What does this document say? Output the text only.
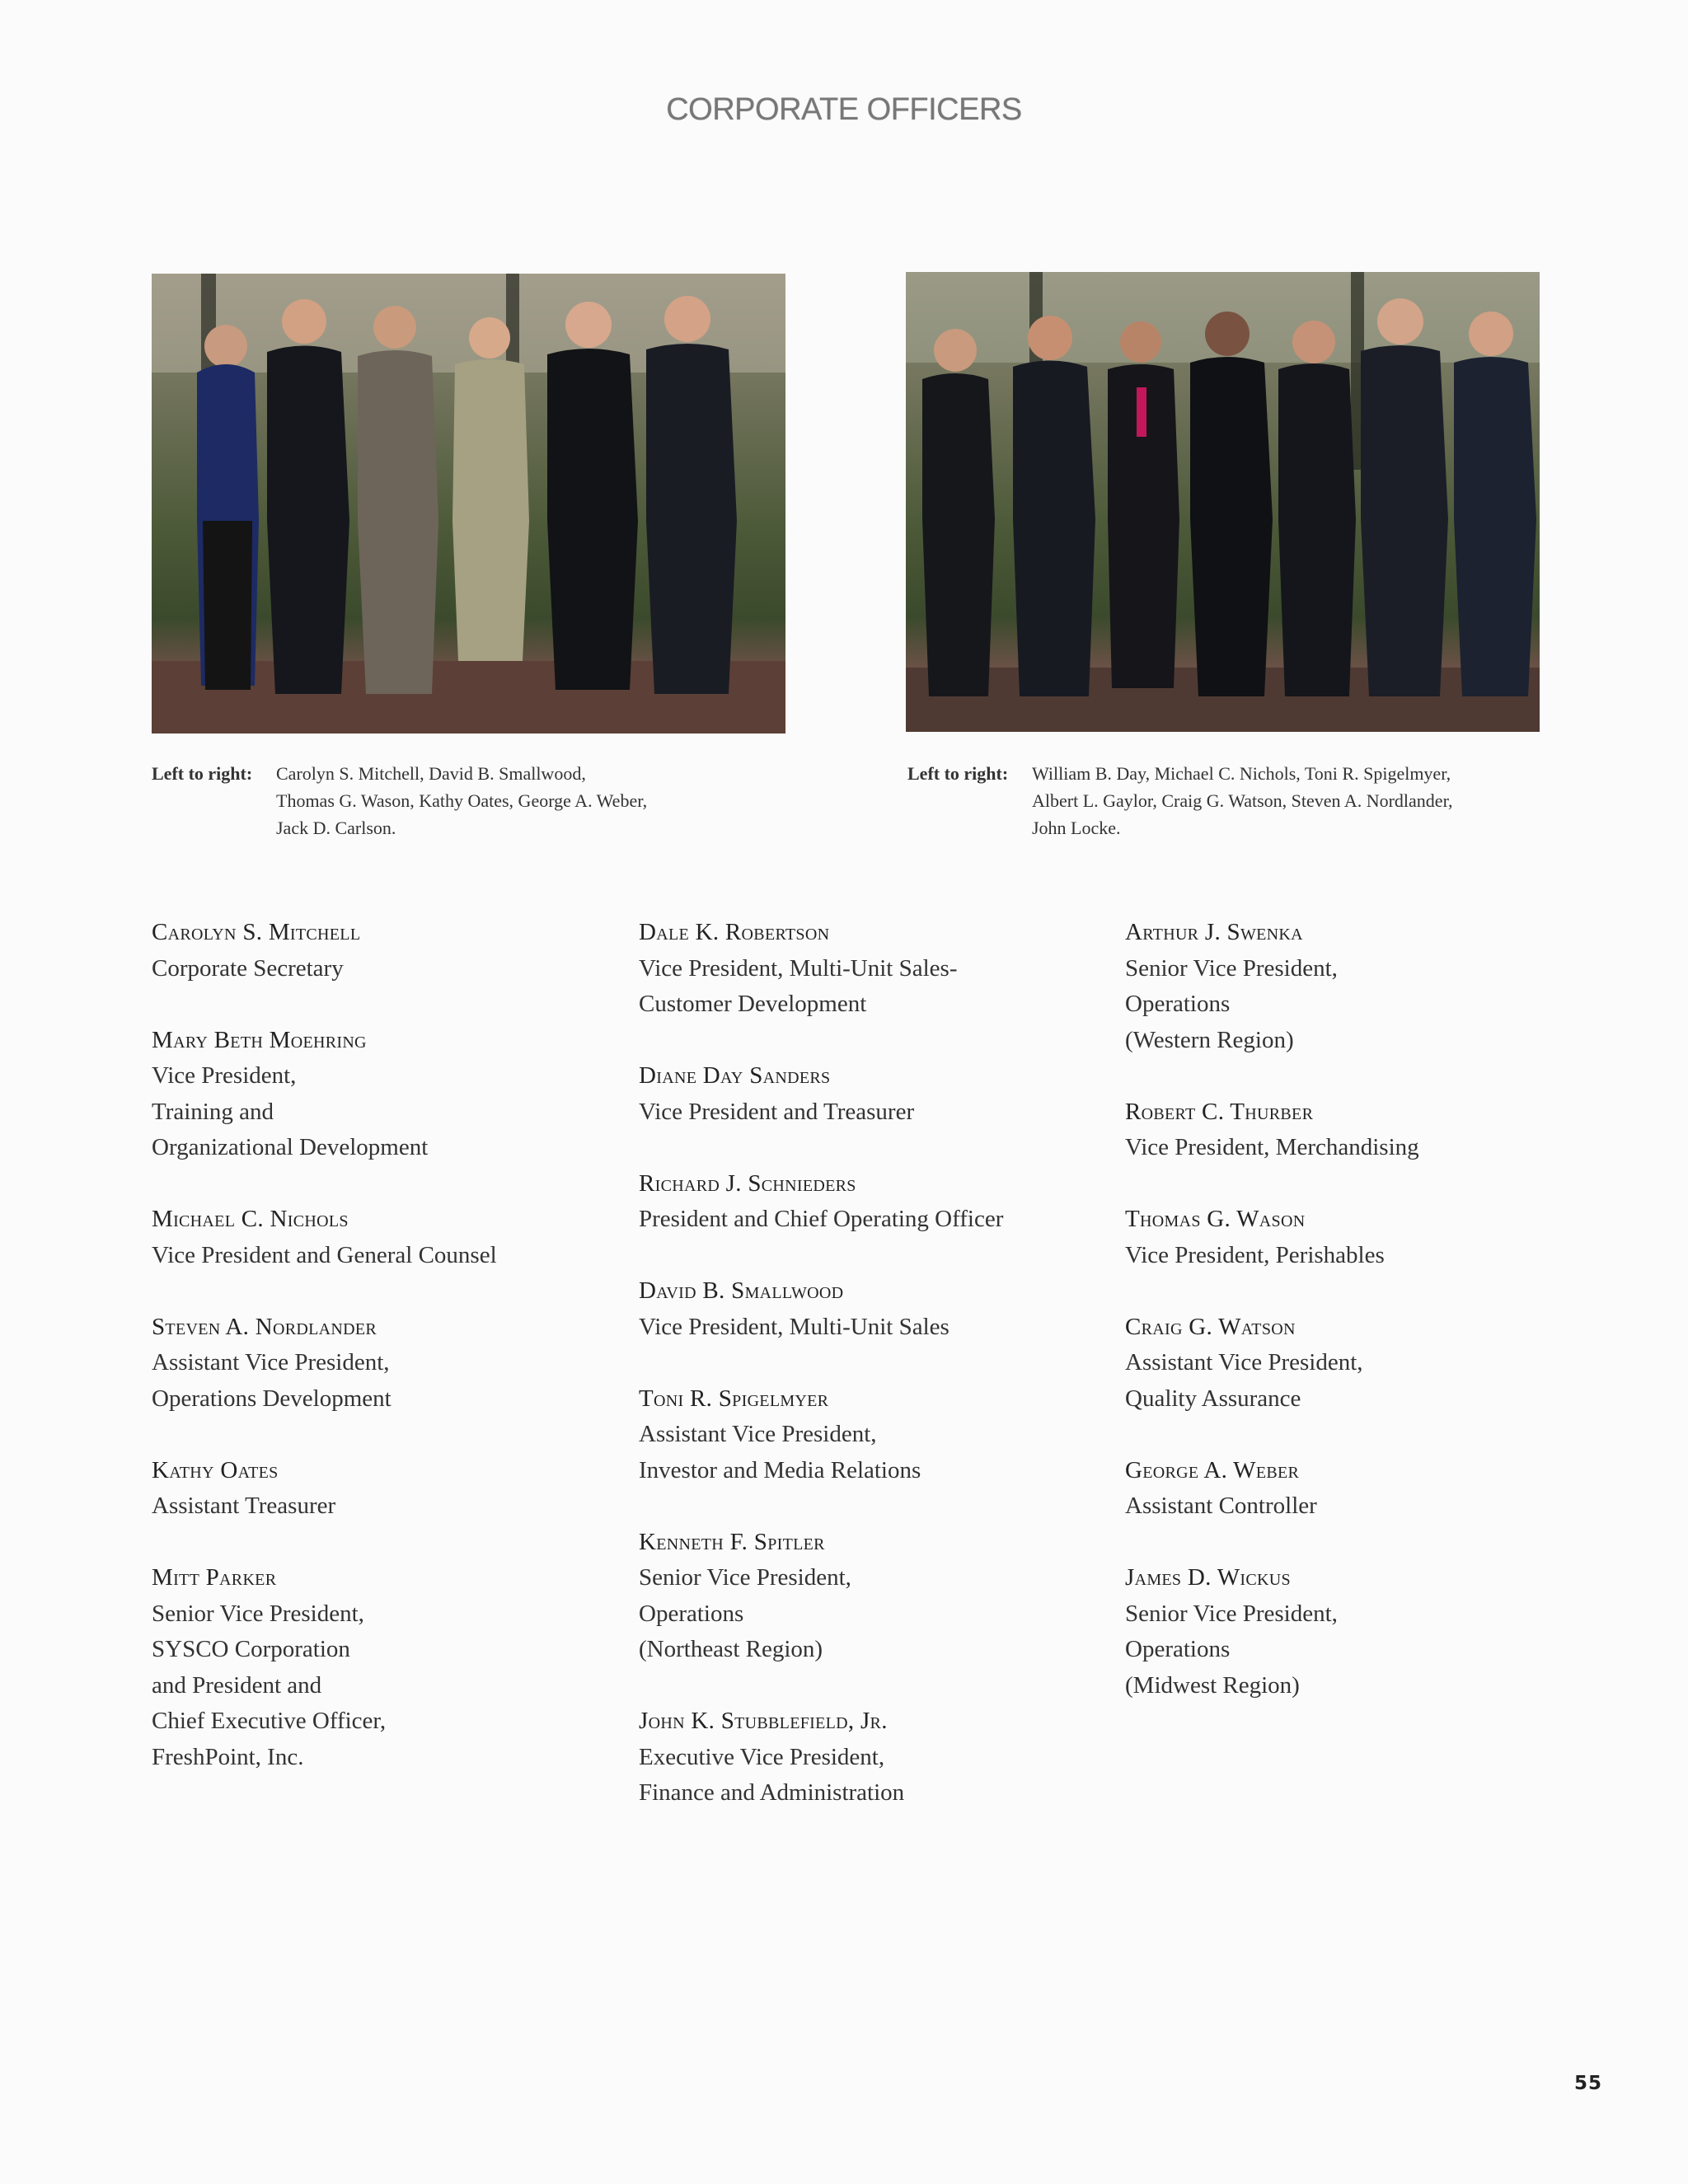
CORPORATE OFFICERS
Left to right: Carolyn S. Mitchell, David B. Smallwood,
Thomas G. Wason, Kathy Oates, George A. Weber,
Jack D. Carlson.
Left to right: William B. Day, Michael C. Nichols, Toni R. Spigelmyer,
Albert L. Gaylor, Craig G. Watson, Steven A. Nordlander,
John Locke.
Carolyn S. Mitchell
Corporate Secretary
Mary Beth Moehring
Vice President,
Training and
Organizational Development
Michael C. Nichols
Vice President and General Counsel
Steven A. Nordlander
Assistant Vice President,
Operations Development
Kathy Oates
Assistant Treasurer
Mitt Parker
Senior Vice President,
SYSCO Corporation
and President and
Chief Executive Officer,
FreshPoint, Inc.
Dale K. Robertson
Vice President, Multi-Unit Sales-
Customer Development
Diane Day Sanders
Vice President and Treasurer
Richard J. Schnieders
President and Chief Operating Officer
David B. Smallwood
Vice President, Multi-Unit Sales
Toni R. Spigelmyer
Assistant Vice President,
Investor and Media Relations
Kenneth F. Spitler
Senior Vice President,
Operations
(Northeast Region)
John K. Stubblefield, Jr.
Executive Vice President,
Finance and Administration
Arthur J. Swenka
Senior Vice President,
Operations
(Western Region)
Robert C. Thurber
Vice President, Merchandising
Thomas G. Wason
Vice President, Perishables
Craig G. Watson
Assistant Vice President,
Quality Assurance
George A. Weber
Assistant Controller
James D. Wickus
Senior Vice President,
Operations
(Midwest Region)
55
